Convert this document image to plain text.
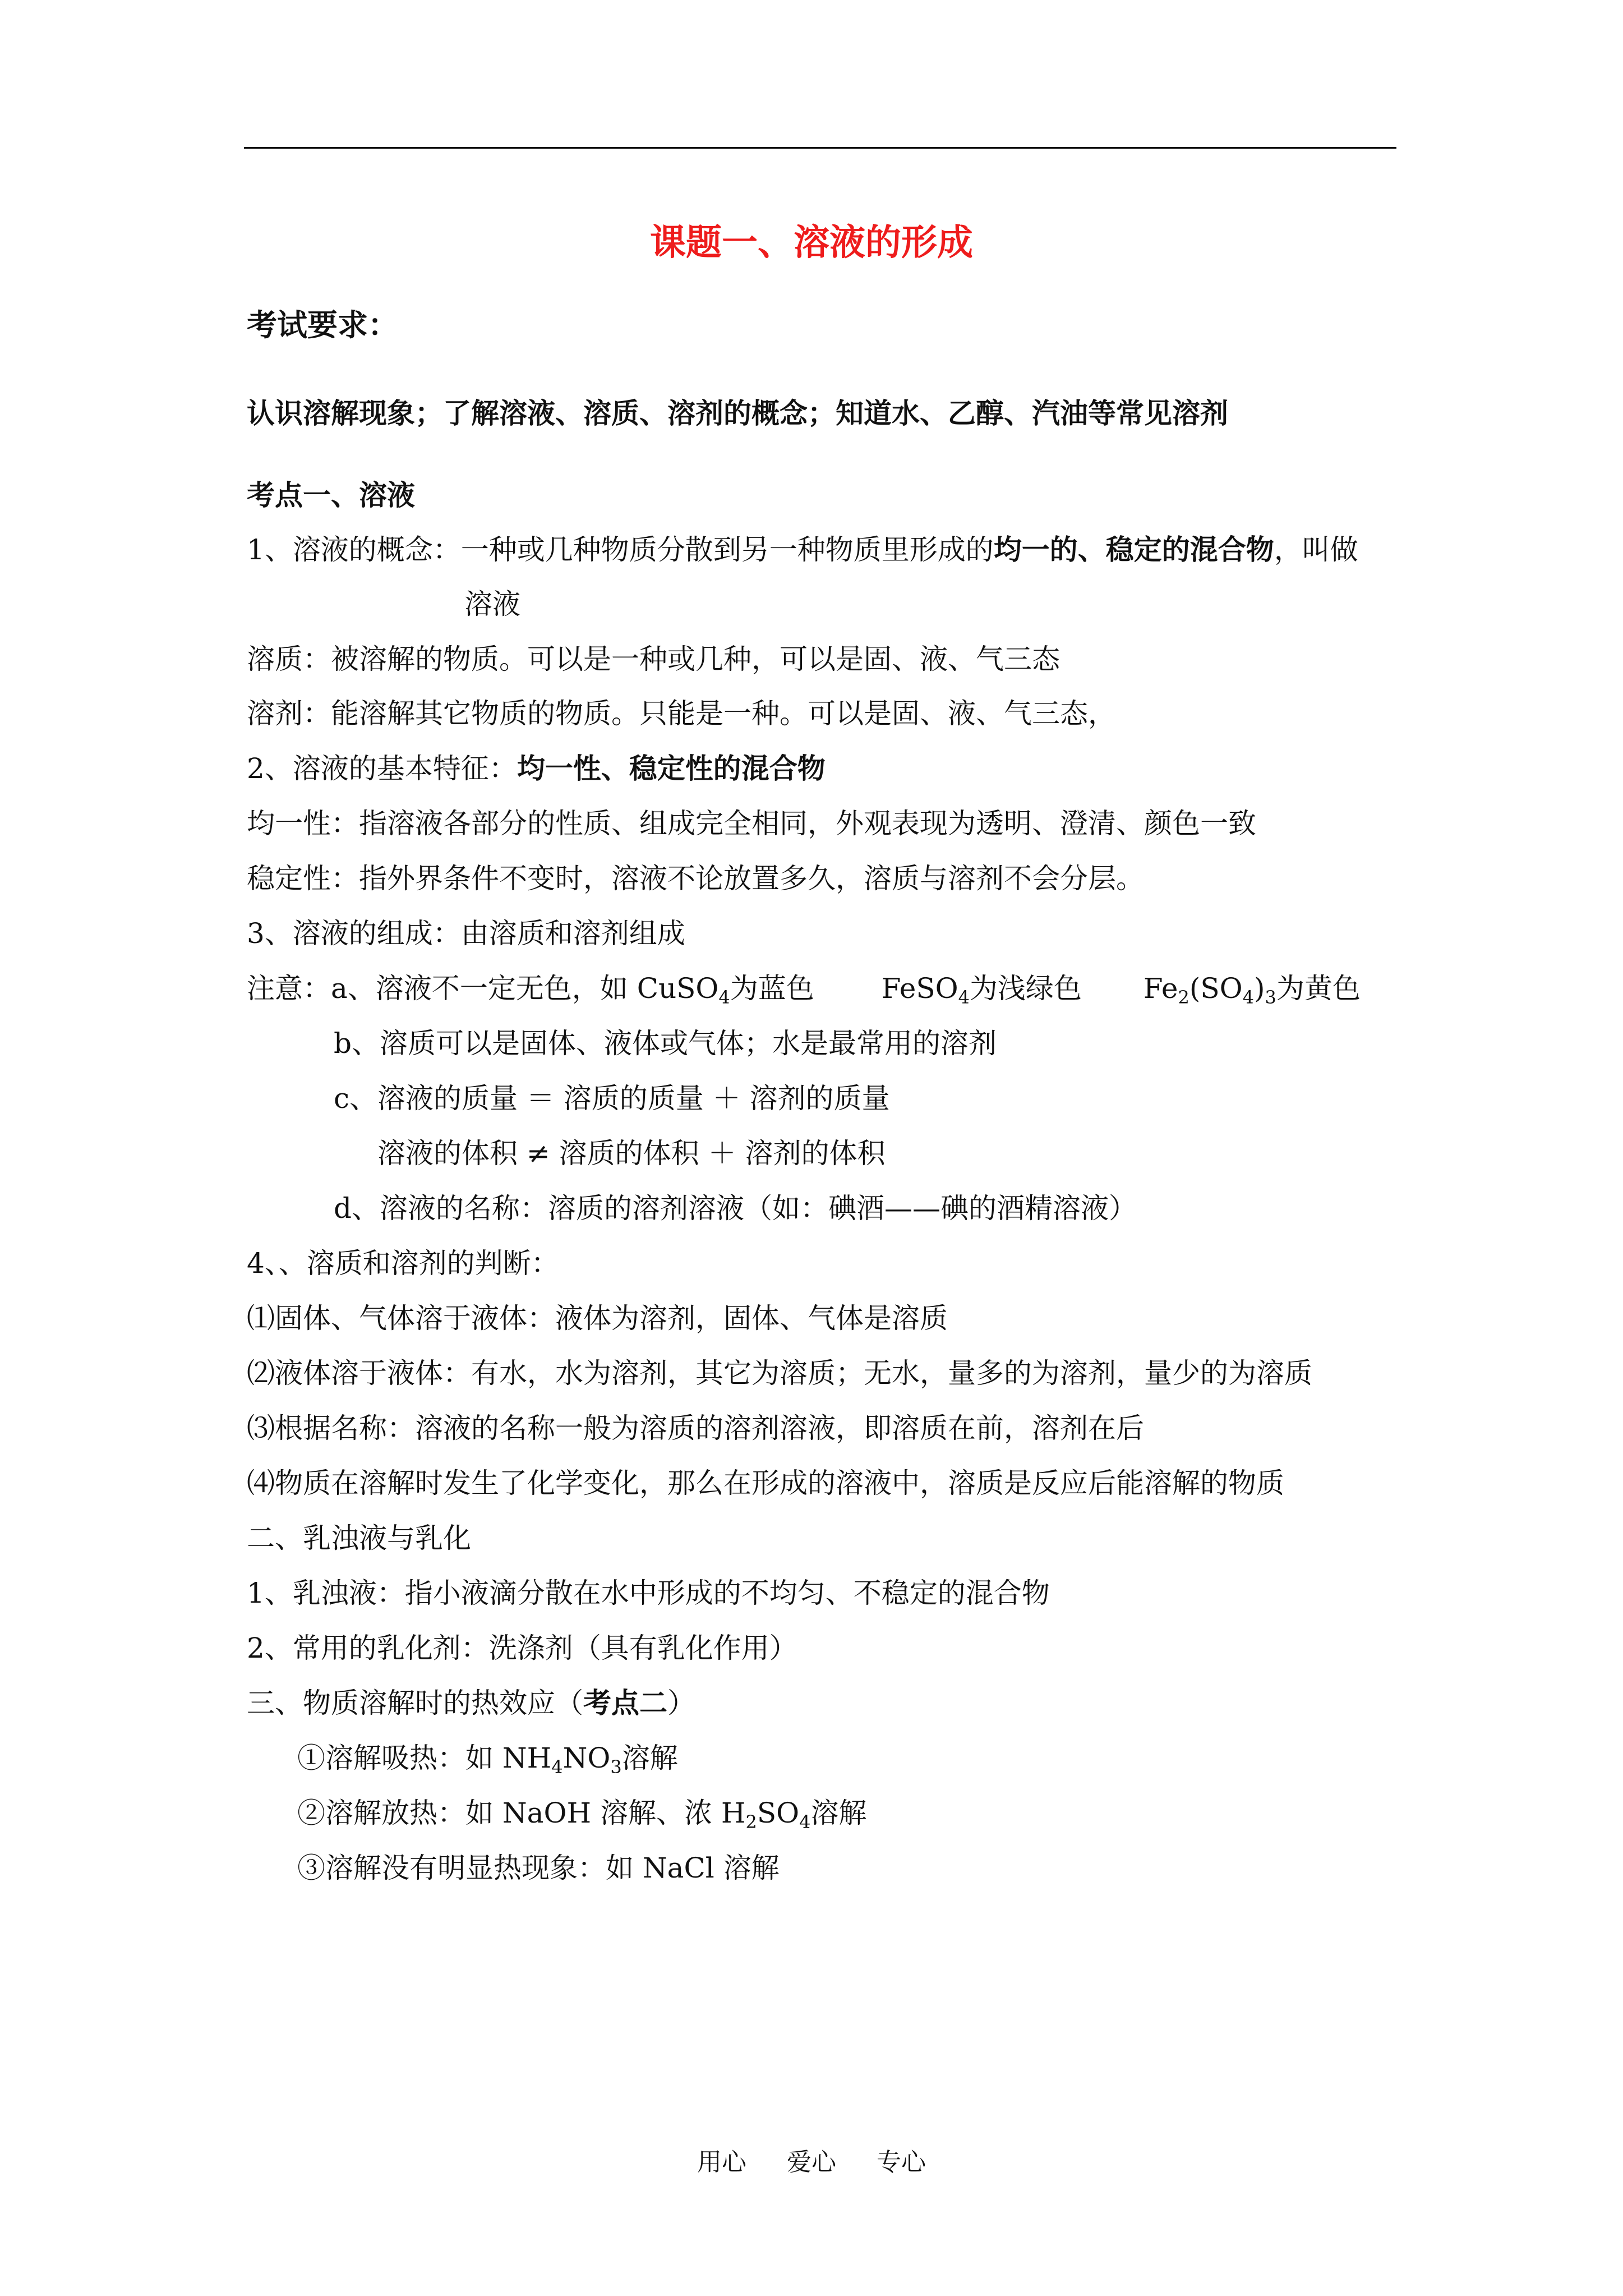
课题一、溶液的形成
考试要求：
认识溶解现象；了解溶液、溶质、溶剂的概念；知道水、乙醇、汽油等常见溶剂
考点一、溶液
1、溶液的概念：一种或几种物质分散到另一种物质里形成的均一的、稳定的混合物，叫做
溶液
溶质：被溶解的物质。可以是一种或几种，可以是固、液、气三态
溶剂：能溶解其它物质的物质。只能是一种。可以是固、液、气三态，
2、溶液的基本特征：均一性、稳定性的混合物
均一性：指溶液各部分的性质、组成完全相同，外观表现为透明、澄清、颜色一致
稳定性：指外界条件不变时，溶液不论放置多久，溶质与溶剂不会分层。
3、溶液的组成：由溶质和溶剂组成
注意：a、溶液不一定无色，如 CuSO$_4$为蓝色 FeSO$_4$为浅绿色 $Fe_2(SO_4)_3$为黄色
b、溶质可以是固体、液体或气体；水是最常用的溶剂
c、溶液的质量 ＝ 溶质的质量 ＋ 溶剂的质量
溶液的体积 ≠ 溶质的体积 ＋ 溶剂的体积
d、溶液的名称：溶质的溶剂溶液（如：碘酒——碘的酒精溶液）
4、、溶质和溶剂的判断：
⑴固体、气体溶于液体：液体为溶剂，固体、气体是溶质
⑵液体溶于液体：有水，水为溶剂，其它为溶质；无水，量多的为溶剂，量少的为溶质
⑶根据名称：溶液的名称一般为溶质的溶剂溶液，即溶质在前，溶剂在后
⑷物质在溶解时发生了化学变化，那么在形成的溶液中，溶质是反应后能溶解的物质
二、乳浊液与乳化
1、乳浊液：指小液滴分散在水中形成的不均匀、不稳定的混合物
2、常用的乳化剂：洗涤剂（具有乳化作用）
三、物质溶解时的热效应（考点二）
①溶解吸热：如 $NH_4NO_3$溶解
②溶解放热：如 NaOH 溶解、浓 $H_2SO_4$溶解
③溶解没有明显热现象：如 NaCl 溶解
用心 爱心 专心
